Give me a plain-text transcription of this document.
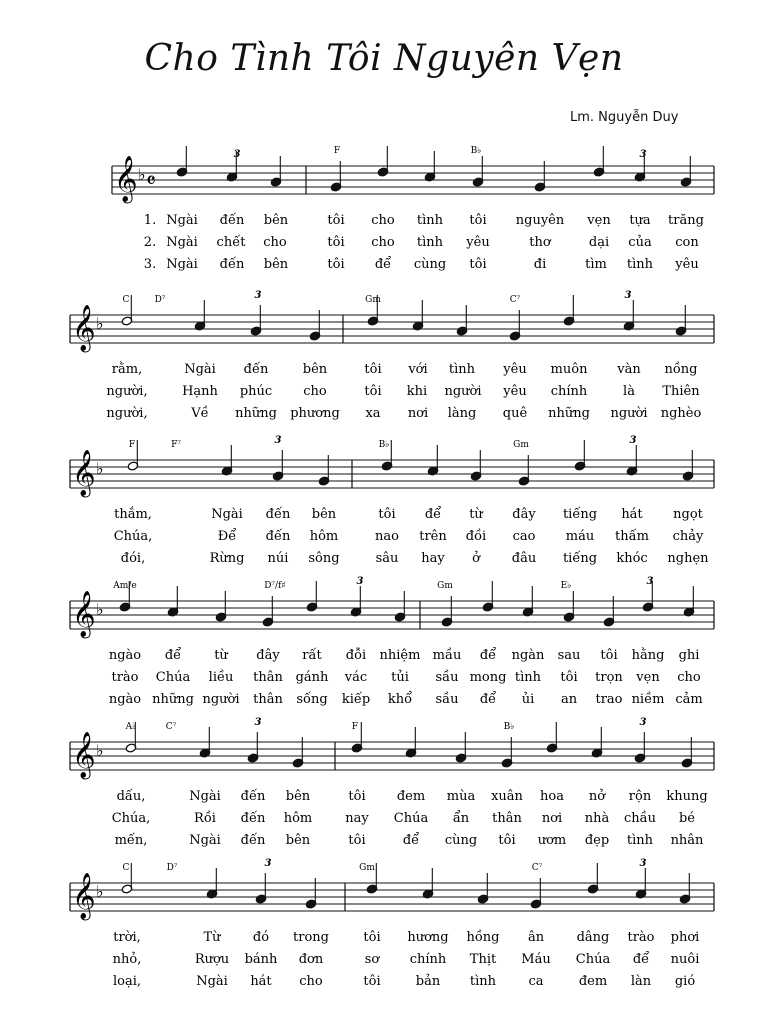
Cho Tình Tôi Nguyên Vẹn
Lm. Nguyễn Duy
𝄞 ♭ 𝄴
F	B♭
3	3
1. Ngài đến bên	tôi cho tình tôi nguyên vẹn tựa trăng
2. Ngài chết cho	tôi cho tình yêu	thơ	dại của con
3. Ngài đến bên	tôi để cùng tôi	đi	tìm tình yêu
𝄞 ♭
C	D⁷	Gm	C⁷
3	3
rằm,	Ngài đến	bên	tôi với tình yêu muôn vàn nồng
người,	Hạnh phúc cho	tôi khi người yêu chính	là Thiên
người,	Về những phương xa nơi làng quê những người nghèo
𝄞 ♭
F	F⁷	B♭	Gm
3	3
thắm,	Ngài đến bên	tôi để từ đây tiếng hát ngọt
Chúa,	Để đến hôm	nao trên đồi cao máu thấm chảy
đói,	Rừng núi sông	sâu hay ở đâu tiếng khóc nghẹn
𝄞 ♭
Am/e	D⁷/f♯	Gm	E♭
3	3
ngào để	từ đây rất đỗi nhiệm mầu để ngàn sau tôi hằng ghi
trào Chúa liều thân gánh vác tủi sầu mong tình tôi trọn vẹn cho
ngào những người thân sống kiếp khổ sầu để ủi an trao niềm cảm
𝄞 ♭
A♭	C⁷	F	B♭
3	3
dấu,	Ngài đến bên	tôi đem mùa xuân hoa nở rộn khung
Chúa,	Rồi đến hôm	nay Chúa ẩn thân nơi nhà chầu bé
mến,	Ngài đến bên	tôi	để cùng tôi ươm đẹp tình nhân
𝄞 ♭
C	D⁷	Gm	C⁷
3	3
trời,	Từ đó trong	tôi hương hồng ân	dâng trào phơi
nhỏ,	Rượu bánh đơn	sơ chính Thịt Máu Chúa để nuôi
loại,	Ngài hát cho	tôi	bản tình ca	đem làn gió
